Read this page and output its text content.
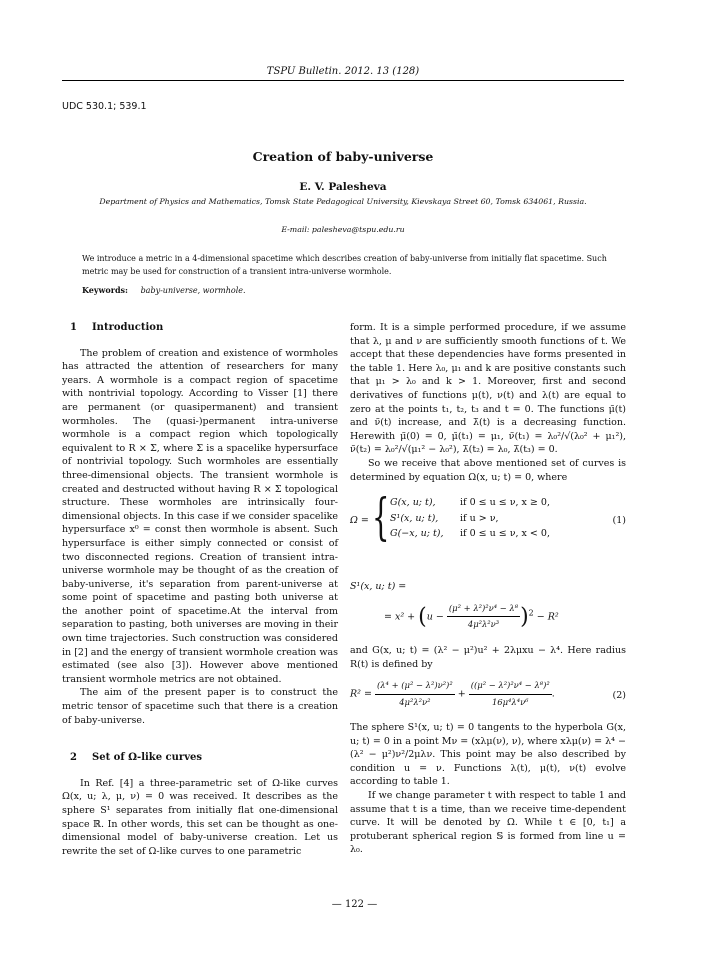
TSPU Bulletin. 2012. 13 (128)
UDC 530.1; 539.1
Creation of baby-universe
E. V. Palesheva
Department of Physics and Mathematics, Tomsk State Pedagogical University, Kievskaya Street 60, Tomsk 634061, Russia.
E-mail: palesheva@tspu.edu.ru
We introduce a metric in a 4-dimensional spacetime which describes creation of baby-universe from initially flat spacetime. Such metric may be used for construction of a transient intra-universe wormhole.
Keywords: baby-universe, wormhole.

1 Introduction

The problem of creation and existence of wormholes has attracted the attention of researchers for many years. A wormhole is a compact region of spacetime with nontrivial topology. According to Visser [1] there are permanent (or quasipermanent) and transient wormholes. The (quasi-)permanent intra-universe wormhole is a compact region which topologically equivalent to R × Σ, where Σ is a spacelike hypersurface of nontrivial topology. Such wormholes are essentially three-dimensional objects. The transient wormhole is created and destructed without having R × Σ topological structure. These wormholes are intrinsically four-dimensional objects. In this case if we consider spacelike hypersurface x⁰ = const then wormhole is absent. Such hypersurface is either simply connected or consist of two disconnected regions. Creation of transient intra-universe wormhole may be thought of as the creation of baby-universe, it's separation from parent-universe at some point of spacetime and pasting both universe at the another point of spacetime.At the interval from separation to pasting, both universes are moving in their own time trajectories. Such construction was considered in [2] and the energy of transient wormhole creation was estimated (see also [3]). However above mentioned transient wormhole metrics are not obtained.

The aim of the present paper is to construct the metric tensor of spacetime such that there is a creation of baby-universe.

2 Set of Ω-like curves

In Ref. [4] a three-parametric set of Ω-like curves Ω(x, u; λ, μ, ν) = 0 was received. It describes as the sphere S¹ separates from initially flat one-dimensional space ℝ. In other words, this set can be thought as one-dimensional model of baby-universe creation. Let us rewrite the set of Ω-like curves to one parametric

form. It is a simple performed procedure, if we assume that λ, μ and ν are sufficiently smooth functions of t. We accept that these dependencies have forms presented in the table 1. Here λ₀, μ₁ and k are positive constants such that μ₁ > λ₀ and k > 1. Moreover, first and second derivatives of functions μ(t), ν(t) and λ(t) are equal to zero at the points t₁, t₂, t₃ and t = 0. The functions μ̃(t) and ν̃(t) increase, and λ̃(t) is a decreasing function. Herewith μ̃(0) = 0, μ̃(t₁) = μ₁, ν̃(t₁) = λ₀²/√(λ₀² + μ₁²), ν̃(t₂) = λ₀²/√(μ₁² − λ₀²), λ̃(t₂) = λ₀, λ̃(t₃) = 0.

So we receive that above mentioned set of curves is determined by equation Ω(x, u; t) = 0, where

Ω = { G(x, u; t),	if 0 ≤ u ≤ ν, x ≥ 0,
S¹(x, u; t), if u > ν,
G(−x, u; t), if 0 ≤ u ≤ ν, x < 0,
(1)
S¹(x, u; t) =
= $x^2 + (u - \frac{\text{(μ² + λ²)²ν⁴ − λ⁸}}{\text{4μ²λ²ν³}} )^2 - R^2$

and G(x, u; t) = (λ² − μ²)u² + 2λμxu − λ⁴. Here radius R(t) is defined by

$R^2 = \frac{\text{(λ⁴ + (μ² − λ²)ν²)²}}{\text{4μ²λ²ν²}} + \frac{\text{((μ² − λ²)²ν⁴ − λ⁸)²}}{\text{16μ⁴λ⁴ν⁶}}$ .	(2)

The sphere S¹(x, u; t) = 0 tangents to the hyperbola G(x, u; t) = 0 in a point Mν = (xλμ(ν), ν), where xλμ(ν) = λ⁴ − (λ² − μ²)ν²/2μλν. This point may be also described by condition u = ν. Functions λ(t), μ(t), ν(t) evolve according to table 1.

If we change parameter t with respect to table 1 and assume that t is a time, than we receive time-dependent curve. It will be denoted by Ω. While t ∈ [0, t₁] a protuberant spherical region 𝕊 is formed from line u = λ₀.

— 122 —
